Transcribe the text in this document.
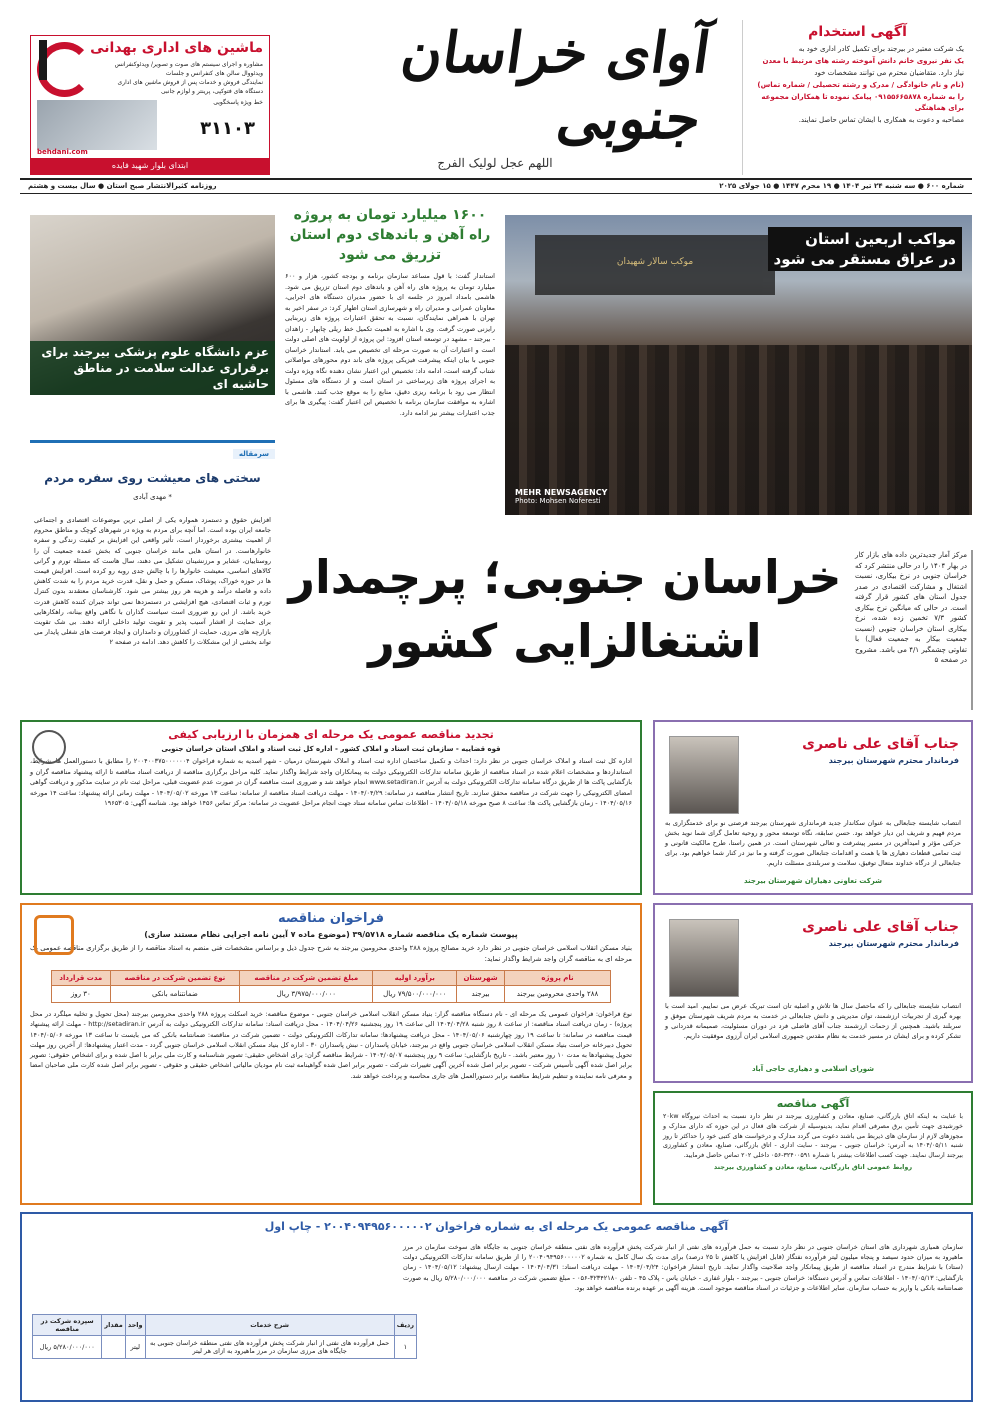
آگهی استخدام

یک شرکت معتبر در بیرجند برای تکمیل کادر اداری خود به

یک نفر نیروی خانم دانش آموخته رشته های مرتبط با معدن

نیاز دارد. متقاضیان محترم می توانند مشخصات خود

(نام و نام خانوادگی / مدرک و رشته تحصیلی / شماره تماس)

را به شماره ۰۹۱۵۵۶۶۵۸۷۸ پیامک نموده تا همکاران مجموعه برای هماهنگی

مصاحبه و دعوت به همکاری با ایشان تماس حاصل نمایند.

آوای خراسان جنوبی
اللهم عجل لولیک الفرج
ماشین های اداری بهدانی
مشاوره و اجرای سیستم های صوت و تصویر/ ویدئوکنفرانس
ویدئووال سالن های کنفرانس و جلسات
نمایندگی فروش و خدمات پس از فروش ماشین های اداری
دستگاه های فتوکپی، پرینتر و لوازم جانبی
خط ویژه پاسخگویی
۳۱۱۰۳
behdani.com
ابتدای بلوار شهید فایده
شماره ۶۰۰ ● سه شنبه ۲۴ تیر ۱۴۰۴ ● ۱۹ محرم ۱۴۴۷ ● ۱۵ جولای ۲۰۲۵
روزنامه کثیرالانتشار صبح استان ● سال بیست و هشتم
موکب سالار شهیدان
مواکب اربعین استان
در عراق مستقر می شود
MEHR NEWSAGENCY
Photo: Mohsen Noferesti
۱۶۰۰ میلیارد تومان به پروژه راه آهن و باندهای دوم استان تزریق می شود
استاندار گفت: با قول مساعد سازمان برنامه و بودجه کشور، هزار و ۶۰۰ میلیارد تومان به پروژه های راه آهن و باندهای دوم استان تزریق می شود. هاشمی بامداد امروز در جلسه ای با حضور مدیران دستگاه های اجرایی، معاونان عمرانی و مدیران راه و شهرسازی استان اظهار کرد: در سفر اخیر به تهران با همراهی نمایندگان، نسبت به تحقق اعتبارات پروژه های زیربنایی رایزنی صورت گرفت. وی با اشاره به اهمیت تکمیل خط ریلی چابهار - زاهدان - بیرجند - مشهد در توسعه استان افزود: این پروژه از اولویت های اصلی دولت است و اعتبارات آن به صورت مرحله ای تخصیص می یابد. استاندار خراسان جنوبی با بیان اینکه پیشرفت فیزیکی پروژه های باند دوم محورهای مواصلاتی شتاب گرفته است، ادامه داد: تخصیص این اعتبار نشان دهنده نگاه ویژه دولت به اجرای پروژه های زیرساختی در استان است و از دستگاه های مسئول انتظار می رود با برنامه ریزی دقیق، منابع را به موقع جذب کنند. هاشمی با اشاره به موافقت سازمان برنامه با تخصیص این اعتبار گفت: پیگیری ها برای جذب اعتبارات بیشتر نیز ادامه دارد.
عزم دانشگاه علوم پزشکی بیرجند برای برقراری عدالت سلامت در مناطق حاشیه ای
سرمقاله
سختی های معیشت روی سفره مردم
* مهدی آبادی
افزایش حقوق و دستمزد همواره یکی از اصلی ترین موضوعات اقتصادی و اجتماعی جامعه ایران بوده است. اما آنچه برای مردم به ویژه در شهرهای کوچک و مناطق محروم از اهمیت بیشتری برخوردار است، تأثیر واقعی این افزایش بر کیفیت زندگی و سفره خانوارهاست. در استان هایی مانند خراسان جنوبی که بخش عمده جمعیت آن را روستاییان، عشایر و مرزنشینان تشکیل می دهند، سال هاست که مسئله تورم و گرانی کالاهای اساسی، معیشت خانوارها را با چالش جدی روبه رو کرده است. افزایش قیمت ها در حوزه خوراک، پوشاک، مسکن و حمل و نقل، قدرت خرید مردم را به شدت کاهش داده و فاصله درآمد و هزینه هر روز بیشتر می شود. کارشناسان معتقدند بدون کنترل تورم و ثبات اقتصادی، هیچ افزایشی در دستمزدها نمی تواند جبران کننده کاهش قدرت خرید باشد. از این رو ضروری است سیاست گذاران با نگاهی واقع بینانه، راهکارهایی برای حمایت از اقشار آسیب پذیر و تقویت تولید داخلی ارائه دهند. بی شک تقویت بازارچه های مرزی، حمایت از کشاورزان و دامداران و ایجاد فرصت های شغلی پایدار می تواند بخشی از این مشکلات را کاهش دهد. ادامه در صفحه ۲
خراسان جنوبی؛ پرچمدار
اشتغالزایی کشور
مرکز آمار جدیدترین داده های بازار کار در بهار ۱۴۰۴ را در حالی منتشر کرد که خراسان جنوبی در نرخ بیکاری، نسبت اشتغال و مشارکت اقتصادی در صدر جدول استان های کشور قرار گرفته است. در حالی که میانگین نرخ بیکاری کشور ۷/۳ تخمین زده شده، نرخ بیکاری استان خراسان جنوبی (نسبت جمعیت بیکار به جمعیت فعال) با تفاوتی چشمگیر ۴/۱ می باشد. مشروح در صفحه ۵
تجدید مناقصه عمومی یک مرحله ای همزمان با ارزیابی کیفی
قوه قضاییه - سازمان ثبت اسناد و املاک کشور - اداره کل ثبت اسناد و املاک استان خراسان جنوبی
اداره کل ثبت اسناد و املاک خراسان جنوبی در نظر دارد: احداث و تکمیل ساختمان اداره ثبت اسناد و املاک شهرستان درمیان - شهر اسدیه به شماره فراخوان ۲۰۰۴۰۰۳۷۵۰۰۰۰۰۰۴ را مطابق با دستورالعمل ها، شرایط، استانداردها و مشخصات اعلام شده در اسناد مناقصه از طریق سامانه تدارکات الکترونیکی دولت به پیمانکاران واجد شرایط واگذار نماید. کلیه مراحل برگزاری مناقصه از دریافت اسناد مناقصه تا ارائه پیشنهاد مناقصه گران و بازگشایی پاکت ها از طریق درگاه سامانه تدارکات الکترونیکی دولت به آدرس www.setadiran.ir انجام خواهد شد و ضروری است مناقصه گران در صورت عدم عضویت قبلی، مراحل ثبت نام در سایت مذکور و دریافت گواهی امضای الکترونیکی را جهت شرکت در مناقصه محقق سازند. تاریخ انتشار مناقصه در سامانه: ۱۴۰۴/۰۴/۲۹ - مهلت دریافت اسناد مناقصه از سامانه: ساعت ۱۳ مورخه ۱۴۰۴/۰۵/۰۲ - مهلت زمانی ارائه پیشنهاد: ساعت ۱۴ مورخه ۱۴۰۴/۰۵/۱۶ - زمان بازگشایی پاکت ها: ساعت ۸ صبح مورخه ۱۴۰۴/۰۵/۱۸ - اطلاعات تماس سامانه ستاد جهت انجام مراحل عضویت در سامانه: مرکز تماس ۱۴۵۶ خواهد بود. شناسه آگهی: ۱۹۶۵۳۰۵
فراخوان مناقصه
پیوست شماره یک مناقصه شماره ۳۹/۵۷۱۸ (موضوع ماده ۷ آیین نامه اجرایی نظام مستند سازی)
بنیاد مسکن انقلاب اسلامی خراسان جنوبی در نظر دارد خرید مصالح پروژه ۲۸۸ واحدی محرومین بیرجند به شرح جدول ذیل و براساس مشخصات فنی منضم به اسناد مناقصه را از طریق برگزاری مناقصه عمومی یک مرحله ای به مناقصه گران واجد شرایط واگذار نماید:
نام پروژه	شهرستان	برآورد اولیه	مبلغ تضمین شرکت در مناقصه	نوع تضمین شرکت در مناقصه	مدت قرارداد
۲۸۸ واحدی محرومین بیرجند	بیرجند	۷۹/۵۰۰/۰۰۰/۰۰۰ ریال	۳/۹۷۵/۰۰۰/۰۰۰ ریال	ضمانتنامه بانکی	۳۰ روز
نوع فراخوان: فراخوان عمومی یک مرحله ای - نام دستگاه مناقصه گزار: بنیاد مسکن انقلاب اسلامی خراسان جنوبی - موضوع مناقصه: خرید اسکلت پروژه ۲۸۸ واحدی محرومین بیرجند (محل تحویل و تخلیه میلگرد در محل پروژه) - زمان دریافت اسناد مناقصه: از ساعت ۸ روز شنبه ۱۴۰۴/۰۴/۲۸ الی ساعت ۱۹ روز پنجشنبه ۱۴۰۴/۰۴/۲۶ - محل دریافت اسناد: سامانه تدارکات الکترونیکی دولت به آدرس http://setadiran.ir - مهلت ارائه پیشنهاد قیمت مناقصه در سامانه: تا ساعت ۱۹ روز چهارشنبه ۱۴۰۴/۰۵/۰۶ - محل دریافت پیشنهادها: سامانه تدارکات الکترونیکی دولت - تضمین شرکت در مناقصه: ضمانتنامه بانکی که می بایست تا ساعت ۱۳ مورخه ۱۴۰۴/۰۵/۰۶ تحویل دبیرخانه حراست بنیاد مسکن انقلاب اسلامی خراسان جنوبی واقع در بیرجند، خیابان پاسداران - نبش پاسداران ۳۰ - اداره کل بنیاد مسکن انقلاب اسلامی خراسان جنوبی گردد - مدت اعتبار پیشنهادها: از آخرین روز مهلت تحویل پیشنهادها به مدت ۱۰ روز معتبر باشد. - تاریخ بازگشایی: ساعت ۹ روز پنجشنبه ۱۴۰۴/۰۵/۰۷ - شرایط مناقصه گران: برای اشخاص حقیقی: تصویر شناسنامه و کارت ملی برابر با اصل شده و برای اشخاص حقوقی: تصویر برابر اصل شده آگهی تأسیس شرکت - تصویر برابر اصل شده آخرین آگهی تغییرات شرکت - تصویر برابر اصل شده گواهینامه ثبت نام مودیان مالیاتی اشخاص حقیقی و حقوقی - تصویر برابر اصل شده کارت ملی صاحبان امضا و معرفی نامه نماینده و تنظیم شرایط مناقصه برابر دستورالعمل های جاری محاسبه و پرداخت خواهد شد.
جناب آقای علی ناصری
فرماندار محترم شهرستان بیرجند
انتصاب شایسته جنابعالی به عنوان سکاندار جدید فرمانداری شهرستان بیرجند فرصتی نو برای خدمتگزاری به مردم فهیم و شریف این دیار خواهد بود. حسن سابقه، نگاه توسعه محور و روحیه تعامل گرای شما نوید بخش حرکتی مؤثر و امیدآفرین در مسیر پیشرفت و تعالی شهرستان است. در همین راستا، طرح مالکیت قانونی و ثبت تمامی قطعات دهیاری ها یا همت و اقدامات جنابعالی صورت گرفته و ما نیز در کنار شما خواهیم بود. برای جنابعالی از درگاه خداوند متعال توفیق، سلامت و سربلندی مسئلت داریم.
شرکت تعاونی دهیاران شهرستان بیرجند
جناب آقای علی ناصری
فرماندار محترم شهرستان بیرجند
انتصاب شایسته جنابعالی را که ماحصل سال ها تلاش و اصلیه تان است تبریک عرض می نماییم. امید است با بهره گیری از تجربیات ارزشمند، توان مدیریتی و دانش جنابعالی در خدمت به مردم شریف شهرستان موفق و سربلند باشید. همچنین از زحمات ارزشمند جناب آقای فاضلی فرد در دوران مسئولیت، صمیمانه قدردانی و تشکر کرده و برای ایشان در مسیر خدمت به نظام مقدس جمهوری اسلامی ایران آرزوی موفقیت داریم.
شورای اسلامی و دهیاری حاجی آباد
آگهی مناقصه
با عنایت به اینکه اتاق بازرگانی، صنایع، معادن و کشاورزی بیرجند در نظر دارد نسبت به احداث نیروگاه ۲۰kw خورشیدی جهت تأمین برق مصرفی اقدام نماید، بدینوسیله از شرکت های فعال در این حوزه که دارای مدارک و مجوزهای لازم از سازمان های ذیربط می باشند دعوت می گردد مدارک و درخواست های کتبی خود را حداکثر تا روز شنبه ۱۴۰۴/۰۵/۱۱ به آدرس: خراسان جنوبی - بیرجند - سایت اداری - اتاق بازرگانی، صنایع، معادن و کشاورزی بیرجند ارسال نمایند. جهت کسب اطلاعات بیشتر با شماره ۳۲۴۰۰۵۹۱-۰۵۶ داخلی ۲۰۲ تماس حاصل فرمایید.
روابط عمومی اتاق بازرگانی، صنایع، معادن و کشاورزی بیرجند
آگهی مناقصه عمومی یک مرحله ای به شماره فراخوان ۲۰۰۴۰۹۴۹۵۶۰۰۰۰۰۲ - چاپ اول
سازمان همیاری شهرداری های استان خراسان جنوبی در نظر دارد نسبت به حمل فرآورده های نفتی از انبار شرکت پخش فرآورده های نفتی منطقه خراسان جنوبی به جایگاه های سوخت سازمان در مرز ماهیرود به میزان حدود سیصد و پنجاه میلیون لیتر فرآورده نفتگاز (قابل افزایش یا کاهش تا ۲۵ درصد) برای مدت یک سال کامل به شماره ۲۰۰۴۰۹۴۹۵۶۰۰۰۰۰۲ را از طریق سامانه تدارکات الکترونیکی دولت (ستاد) با شرایط مندرج در اسناد مناقصه از طریق پیمانکار واجد صلاحیت واگذار نماید. تاریخ انتشار فراخوان: ۱۴۰۴/۰۴/۲۴ - مهلت دریافت اسناد: ۱۴۰۴/۰۴/۳۱ - مهلت ارسال پیشنهاد: ۱۴۰۴/۰۵/۱۲ - زمان بازگشایی: ۱۴۰۴/۰۵/۱۳ - اطلاعات تماس و آدرس دستگاه: خراسان جنوبی - بیرجند - بلوار غفاری - خیابان یاس - پلاک ۴۵ - تلفن ۳۲۳۴۲۱۸۰-۰۵۶ - مبلغ تضمین شرکت در مناقصه ۵/۲۸۰/۰۰۰/۰۰۰ ریال به صورت ضمانتنامه بانکی یا واریز به حساب سازمان. سایر اطلاعات و جزئیات در اسناد مناقصه موجود است. هزینه آگهی بر عهده برنده مناقصه خواهد بود.
ردیف	شرح خدمات	واحد	مقدار	سپرده شرکت در مناقصه
۱	حمل فرآورده های نفتی از انبار شرکت پخش فرآورده های نفتی منطقه خراسان جنوبی به جایگاه های مرزی سازمان در مرز ماهیرود به ازای هر لیتر	لیتر		۵/۲۸۰/۰۰۰/۰۰۰ ریال
